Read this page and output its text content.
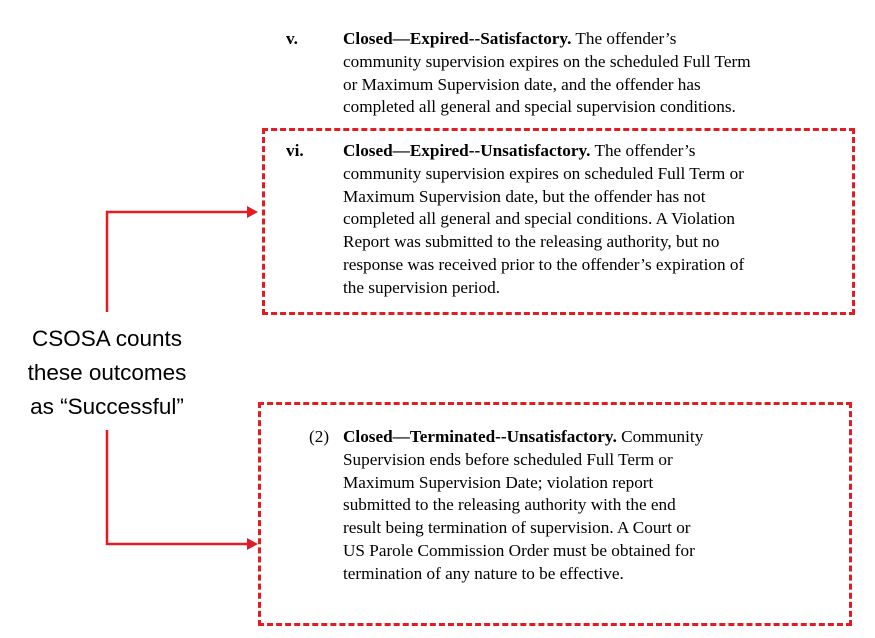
v.	Closed—Expired--Satisfactory. The offender’s
community supervision expires on the scheduled Full Term
or Maximum Supervision date, and the offender has
completed all general and special supervision conditions.
vi. Closed—Expired--Unsatisfactory. The offender’s
community supervision expires on scheduled Full Term or
Maximum Supervision date, but the offender has not
completed all general and special conditions. A Violation
Report was submitted to the releasing authority, but no
response was received prior to the offender’s expiration of
the supervision period.
(2) Closed—Terminated--Unsatisfactory. Community
Supervision ends before scheduled Full Term or
Maximum Supervision Date; violation report
submitted to the releasing authority with the end
result being termination of supervision. A Court or
US Parole Commission Order must be obtained for
termination of any nature to be effective.
CSOSA counts
these outcomes
as “Successful”
